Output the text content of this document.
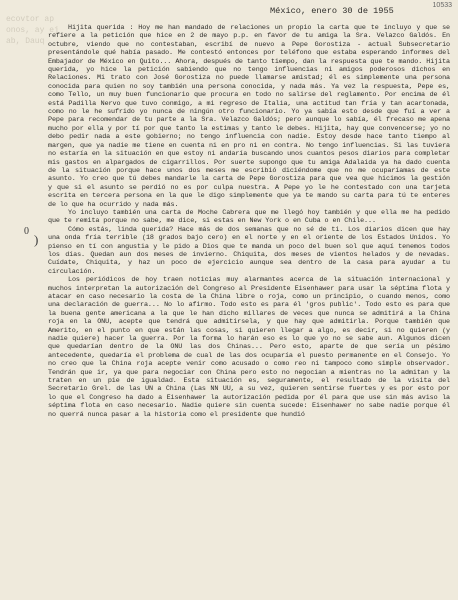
10533
ecovtor ap
onos, ay ej
ab, Dauq
México, enero 30 de 1955
0
)

Hijita querida : Hoy me han mandado de relaciones un propio la carta que te incluyo y que se refiere a la petición que hice en 2 de mayo p.p. en favor de tu amiga la Sra. Velazco Galdós. En octubre, viendo que no contestaban, escribí de nuevo a Pepe Gorostiza - actual Subsecretario presentándole qué había pasado. Me contestó entonces por teléfono que estaba esperando informes del Embajador de México en Quito... Ahora, después de tanto tiempo, dan la respuesta que te mando. Hijita querida, yo hice la petición sabiendo que no tengo influencias ni amigos poderosos dichos en Relaciones. Mi trato con José Gorostiza no puede llamarse amistad; él es simplemente una persona conocida para quien no soy también una persona conocida, y nada más. Ya vez la respuesta, Pepe es, como Tello, un muy buen funcionario que procura en todo no salirse del reglamento. Por encima de él está Padilla Nervo que tuvo conmigo, a mi regreso de Italia, una actitud tan fría y tan acartonada, como no le he sufrido yo nunca de ningún otro funcionario. Yo ya sabía esto desde que fuí a ver a Pepe para recomendar de tu parte a la Sra. Velazco Galdós; pero aunque lo sabía, él frecaso me apena mucho por ella y por tí por que tanto la estimas y tanto le debes. Hijita, hay que convencerse; yo no debo pedir nada a este gobierno; no tengo influencia con nadie. Estoy desde hace tanto tiempo al margen, que ya nadie me tiene en cuenta ni en pro ni en contra. No tengo influencias. Si las tuviera no estaría en la situación en que estoy ni andaría buscando unos cuantos pesos diarios para completar mis gastos en alpargados de cigarrillos. Por suerte supongo que tu amiga Adalaida ya ha dado cuenta de la situación porque hace unos dos meses me escribió diciéndome que no me ocuparíamas de este asunto. Yo creo que tú debes mandarle la carta de Pepe Gorostiza para que vea que hicimos la gestión y que si el asunto se perdió no es por culpa nuestra. A Pepe yo le he contestado con una tarjeta escrita en tercera persona en la que le digo simplemente que ya te mando su carta para tú te enteres de lo que ha ocurrido y nada más.

Yo incluyo también una carta de Moche Cabrera que me llegó hoy también y que ella me ha pedido que te remita porque no sabe, me dice, si estas en New York o en Cuba o en Chile...

Cómo estás, linda querida? Hace más de dos semanas que no sé de ti. Los diarios dicen que hay una onda fría terrible (18 grados bajo cero) en el norte y en el oriente de los Estados Unidos. Yo pienso en tí con angustia y le pido a Dios que te manda un poco del buen sol que aquí tenemos todos los días. Quedan aun dos meses de invierno. Chiquita, dos meses de vientos helados y de nevadas. Cuídate, Chiquita, y haz un poco de ejercicio aunque sea dentro de la casa para ayudar a tu circulación.

Los periódicos de hoy traen noticias muy alarmantes acerca de la situación internacional y muchos interpretan la autorización del Congreso al Presidente Eisenhawer para usar la séptima flota y atacar en caso necesario la costa de la China libre o roja, como un principio, o cuando menos, como una declaración de guerra... No lo afirmo. Todo esto es para él 'gros public'. Todo esto es para que la buena gente americana a la que le han dicho millares de veces que nunca se admitirá a la China roja en la ONU, acepte que tendrá que admitirsela, y que hay que admitirla. Porque también que Amerito, en el punto en que están las cosas, si quieren llegar a algo, es decir, si no quieren (y nadie quiere) hacer la guerra. Por la forma lo harán eso es lo que yo no se sabe aun. Algunos dicen que quedarían dentro de la ONU las dos Chinas... Pero esto, aparte de que sería un pésimo antecedente, quedaría el problema de cual de las dos ocuparía el puesto permanente en el Consejo. Yo no creo que la China roja acepte venir como acusado o como reo ni tampoco como simple observador. Tendrán que ir, ya que para negociar con China pero esto no negocian a mientras no la admitan y la traten en un pie de igualdad. Esta situación es, seguramente, el resultado de la visita del Secretario Grel. de las UN a China (Las NN UU, a su vez, quieren sentirse fuertes y es por esto por lo que el Congreso ha dado a Eisenhawer la autorización pedida por él para que use sin más aviso la séptima flota en caso necesario. Nadie quiere sin cuenta sucede: Eisenhawer no sabe nadie porque él no querrá nunca pasar a la historia como el presidente que hundió
